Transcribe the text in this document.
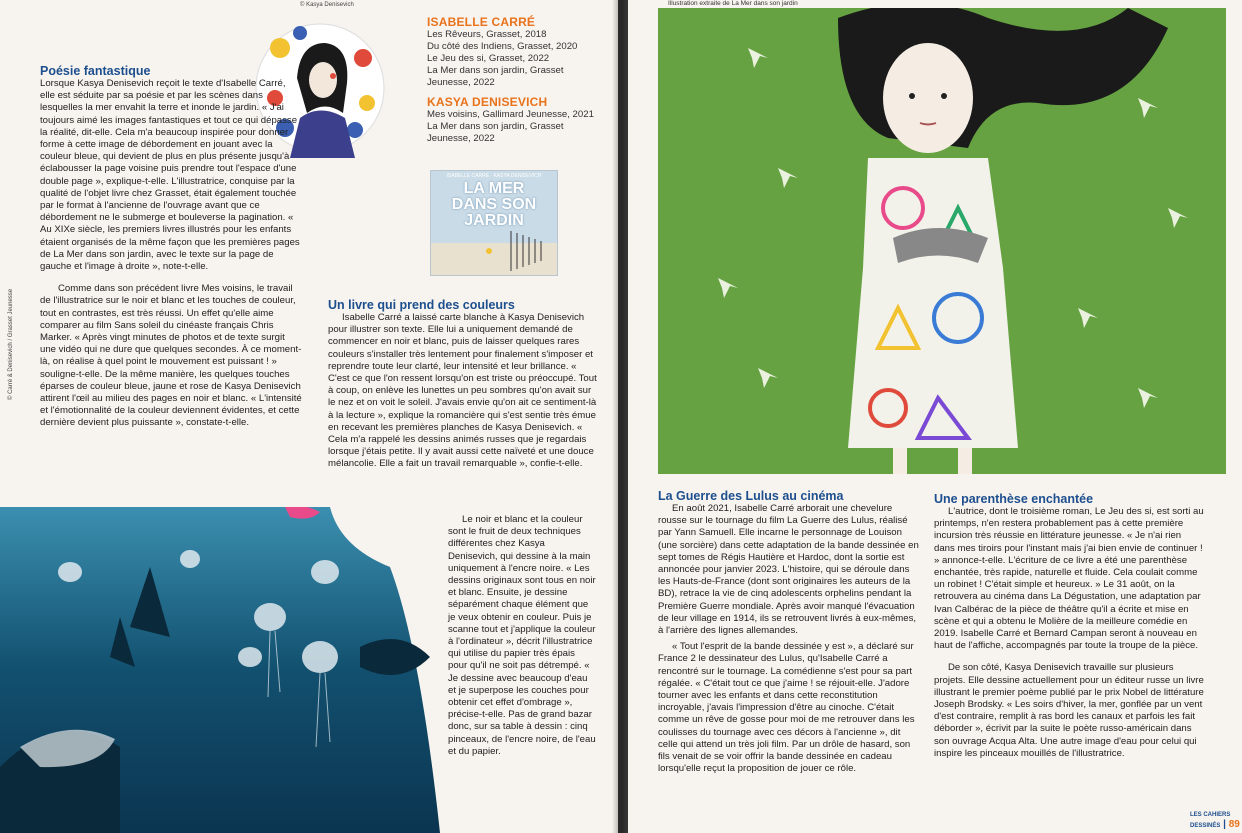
© Kasya Denisevich
© Carré & Denisevich / Grasset Jeunesse
Poésie fantastique

Lorsque Kasya Denisevich reçoit le texte d'Isabelle Carré, elle est séduite par sa poésie et par les scènes dans lesquelles la mer envahit la terre et inonde le jardin. « J'ai toujours aimé les images fantastiques et tout ce qui dépasse la réalité, dit-elle. Cela m'a beaucoup inspirée pour donner forme à cette image de débordement en jouant avec la couleur bleue, qui devient de plus en plus présente jusqu'à éclabousser la page voisine puis prendre tout l'espace d'une double page », explique-t-elle. L'illustratrice, conquise par la qualité de l'objet livre chez Grasset, était également touchée par le format à l'ancienne de l'ouvrage avant que ce débordement ne le submerge et bouleverse la pagination. « Au XIXe siècle, les premiers livres illustrés pour les enfants étaient organisés de la même façon que les premières pages de La Mer dans son jardin, avec le texte sur la page de gauche et l'image à droite », note-t-elle.

Comme dans son précédent livre Mes voisins, le travail de l'illustratrice sur le noir et blanc et les touches de couleur, tout en contrastes, est très réussi. Un effet qu'elle aime comparer au film Sans soleil du cinéaste français Chris Marker. « Après vingt minutes de photos et de texte surgit une vidéo qui ne dure que quelques secondes. À ce moment-là, on réalise à quel point le mouvement est puissant ! » souligne-t-elle. De la même manière, les quelques touches éparses de couleur bleue, jaune et rose de Kasya Denisevich attirent l'œil au milieu des pages en noir et blanc. « L'intensité et l'émotionnalité de la couleur deviennent évidentes, et cette dernière devient plus puissante », constate-t-elle.

ISABELLE CARRÉ
Les Rêveurs, Grasset, 2018
Du côté des Indiens, Grasset, 2020
Le Jeu des si, Grasset, 2022
La Mer dans son jardin, Grasset Jeunesse, 2022
KASYA DENISEVICH
Mes voisins, Gallimard Jeunesse, 2021
La Mer dans son jardin, Grasset Jeunesse, 2022
ISABELLE CARRÉ · KASYA DENISEVICH
LA MER DANS SON JARDIN
Un livre qui prend des couleurs

Isabelle Carré a laissé carte blanche à Kasya Denisevich pour illustrer son texte. Elle lui a uniquement demandé de commencer en noir et blanc, puis de laisser quelques rares couleurs s'installer très lentement pour finalement s'imposer et reprendre toute leur clarté, leur intensité et leur brillance. « C'est ce que l'on ressent lorsqu'on est triste ou préoccupé. Tout à coup, on enlève les lunettes un peu sombres qu'on avait sur le nez et on voit le soleil. J'avais envie qu'on ait ce sentiment-là à la lecture », explique la romancière qui s'est sentie très émue en recevant les premières planches de Kasya Denisevich. « Cela m'a rappelé les dessins animés russes que je regardais lorsque j'étais petite. Il y avait aussi cette naïveté et une douce mélancolie. Elle a fait un travail remarquable », confie-t-elle.

Le noir et blanc et la couleur sont le fruit de deux techniques différentes chez Kasya Denisevich, qui dessine à la main uniquement à l'encre noire. « Les dessins originaux sont tous en noir et blanc. Ensuite, je dessine séparément chaque élément que je veux obtenir en couleur. Puis je scanne tout et j'applique la couleur à l'ordinateur », décrit l'illustratrice qui utilise du papier très épais pour qu'il ne soit pas détrempé. « Je dessine avec beaucoup d'eau et je superpose les couches pour obtenir cet effet d'ombrage », précise-t-elle. Pas de grand bazar donc, sur sa table à dessin : cinq pinceaux, de l'encre noire, de l'eau et du papier.

Illustration extraite de La Mer dans son jardin
La Guerre des Lulus au cinéma

En août 2021, Isabelle Carré arborait une chevelure rousse sur le tournage du film La Guerre des Lulus, réalisé par Yann Samuell. Elle incarne le personnage de Louison (une sorcière) dans cette adaptation de la bande dessinée en sept tomes de Régis Hautière et Hardoc, dont la sortie est annoncée pour janvier 2023. L'histoire, qui se déroule dans les Hauts-de-France (dont sont originaires les auteurs de la BD), retrace la vie de cinq adolescents orphelins pendant la Première Guerre mondiale. Après avoir manqué l'évacuation de leur village en 1914, ils se retrouvent livrés à eux-mêmes, à l'arrière des lignes allemandes.

« Tout l'esprit de la bande dessinée y est », a déclaré sur France 2 le dessinateur des Lulus, qu'Isabelle Carré a rencontré sur le tournage. La comédienne s'est pour sa part régalée. « C'était tout ce que j'aime ! se réjouit-elle. J'adore tourner avec les enfants et dans cette reconstitution incroyable, j'avais l'impression d'être au cinoche. C'était comme un rêve de gosse pour moi de me retrouver dans les coulisses du tournage avec ces décors à l'ancienne », dit celle qui attend un très joli film. Par un drôle de hasard, son fils venait de se voir offrir la bande dessinée en cadeau lorsqu'elle reçut la proposition de jouer ce rôle.

Une parenthèse enchantée

L'autrice, dont le troisième roman, Le Jeu des si, est sorti au printemps, n'en restera probablement pas à cette première incursion très réussie en littérature jeunesse. « Je n'ai rien dans mes tiroirs pour l'instant mais j'ai bien envie de continuer ! » annonce-t-elle. L'écriture de ce livre a été une parenthèse enchantée, très rapide, naturelle et fluide. Cela coulait comme un robinet ! C'était simple et heureux. » Le 31 août, on la retrouvera au cinéma dans La Dégustation, une adaptation par Ivan Calbérac de la pièce de théâtre qu'il a écrite et mise en scène et qui a obtenu le Molière de la meilleure comédie en 2019. Isabelle Carré et Bernard Campan seront à nouveau en haut de l'affiche, accompagnés par toute la troupe de la pièce.

De son côté, Kasya Denisevich travaille sur plusieurs projets. Elle dessine actuellement pour un éditeur russe un livre illustrant le premier poème publié par le prix Nobel de littérature Joseph Brodsky. « Les soirs d'hiver, la mer, gonflée par un vent d'est contraire, remplit à ras bord les canaux et parfois les fait déborder », écrivit par la suite le poète russo-américain dans son ouvrage Acqua Alta. Une autre image d'eau pour celui qui inspire les pinceaux mouillés de l'illustratrice.

LES CAHIERS DESSINÉS | 89
